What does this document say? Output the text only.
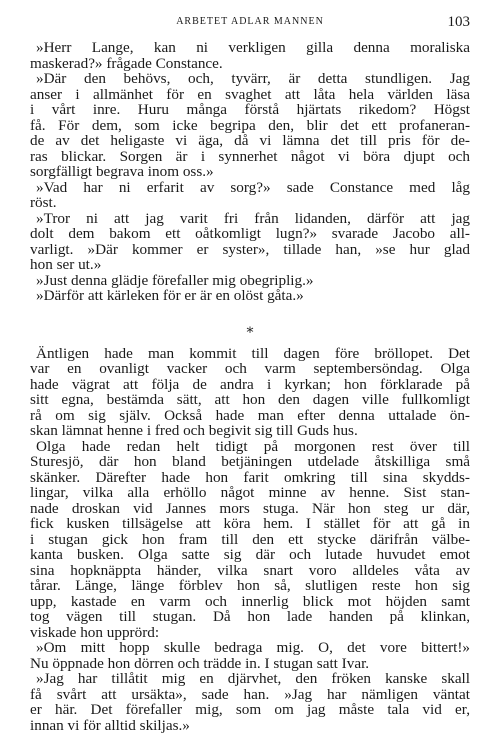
ARBETET ADLAR MANNEN	103
»Herr Lange, kan ni verkligen gilla denna moraliska
maskerad?» frågade Constance.
»Där den behövs, och, tyvärr, är detta stundligen. Jag
anser i allmänhet för en svaghet att låta hela världen läsa
i vårt inre. Huru många förstå hjärtats rikedom? Högst
få. För dem, som icke begripa den, blir det ett profaneran-
de av det heligaste vi äga, då vi lämna det till pris för de-
ras blickar. Sorgen är i synnerhet något vi böra djupt och
sorgfälligt begrava inom oss.»
»Vad har ni erfarit av sorg?» sade Constance med låg
röst.
»Tror ni att jag varit fri från lidanden, därför att jag
dolt dem bakom ett oåtkomligt lugn?» svarade Jacobo all-
varligt. »Där kommer er syster», tillade han, »se hur glad
hon ser ut.»
»Just denna glädje förefaller mig obegriplig.»
»Därför att kärleken för er är en olöst gåta.»
*
Äntligen hade man kommit till dagen före bröllopet. Det
var en ovanligt vacker och varm septembersöndag. Olga
hade vägrat att följa de andra i kyrkan; hon förklarade på
sitt egna, bestämda sätt, att hon den dagen ville fullkomligt
rå om sig själv. Också hade man efter denna uttalade ön-
skan lämnat henne i fred och begivit sig till Guds hus.
Olga hade redan helt tidigt på morgonen rest över till
Sturesjö, där hon bland betjäningen utdelade åtskilliga små
skänker. Därefter hade hon farit omkring till sina skydds-
lingar, vilka alla erhöllo något minne av henne. Sist stan-
nade droskan vid Jannes mors stuga. När hon steg ur där,
fick kusken tillsägelse att köra hem. I stället för att gå in
i stugan gick hon fram till den ett stycke därifrån välbe-
kanta busken. Olga satte sig där och lutade huvudet emot
sina hopknäppta händer, vilka snart voro alldeles våta av
tårar. Länge, länge förblev hon så, slutligen reste hon sig
upp, kastade en varm och innerlig blick mot höjden samt
tog vägen till stugan. Då hon lade handen på klinkan,
viskade hon upprörd:
»Om mitt hopp skulle bedraga mig. O, det vore bittert!»
Nu öppnade hon dörren och trädde in. I stugan satt Ivar.
»Jag har tillåtit mig en djärvhet, den fröken kanske skall
få svårt att ursäkta», sade han. »Jag har nämligen väntat
er här. Det förefaller mig, som om jag måste tala vid er,
innan vi för alltid skiljas.»
